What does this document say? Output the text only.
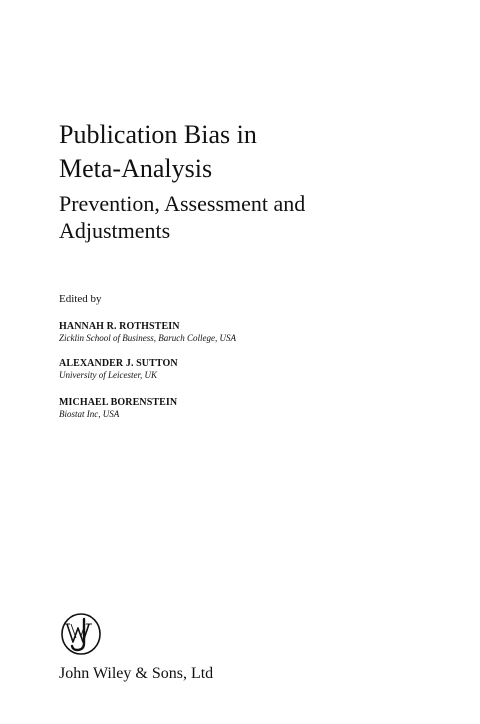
Publication Bias in

Meta-Analysis

Prevention, Assessment and

Adjustments

Edited by
HANNAH R. ROTHSTEIN
Zicklin School of Business, Baruch College, USA
ALEXANDER J. SUTTON
University of Leicester, UK
MICHAEL BORENSTEIN
Biostat Inc, USA
John Wiley & Sons, Ltd
